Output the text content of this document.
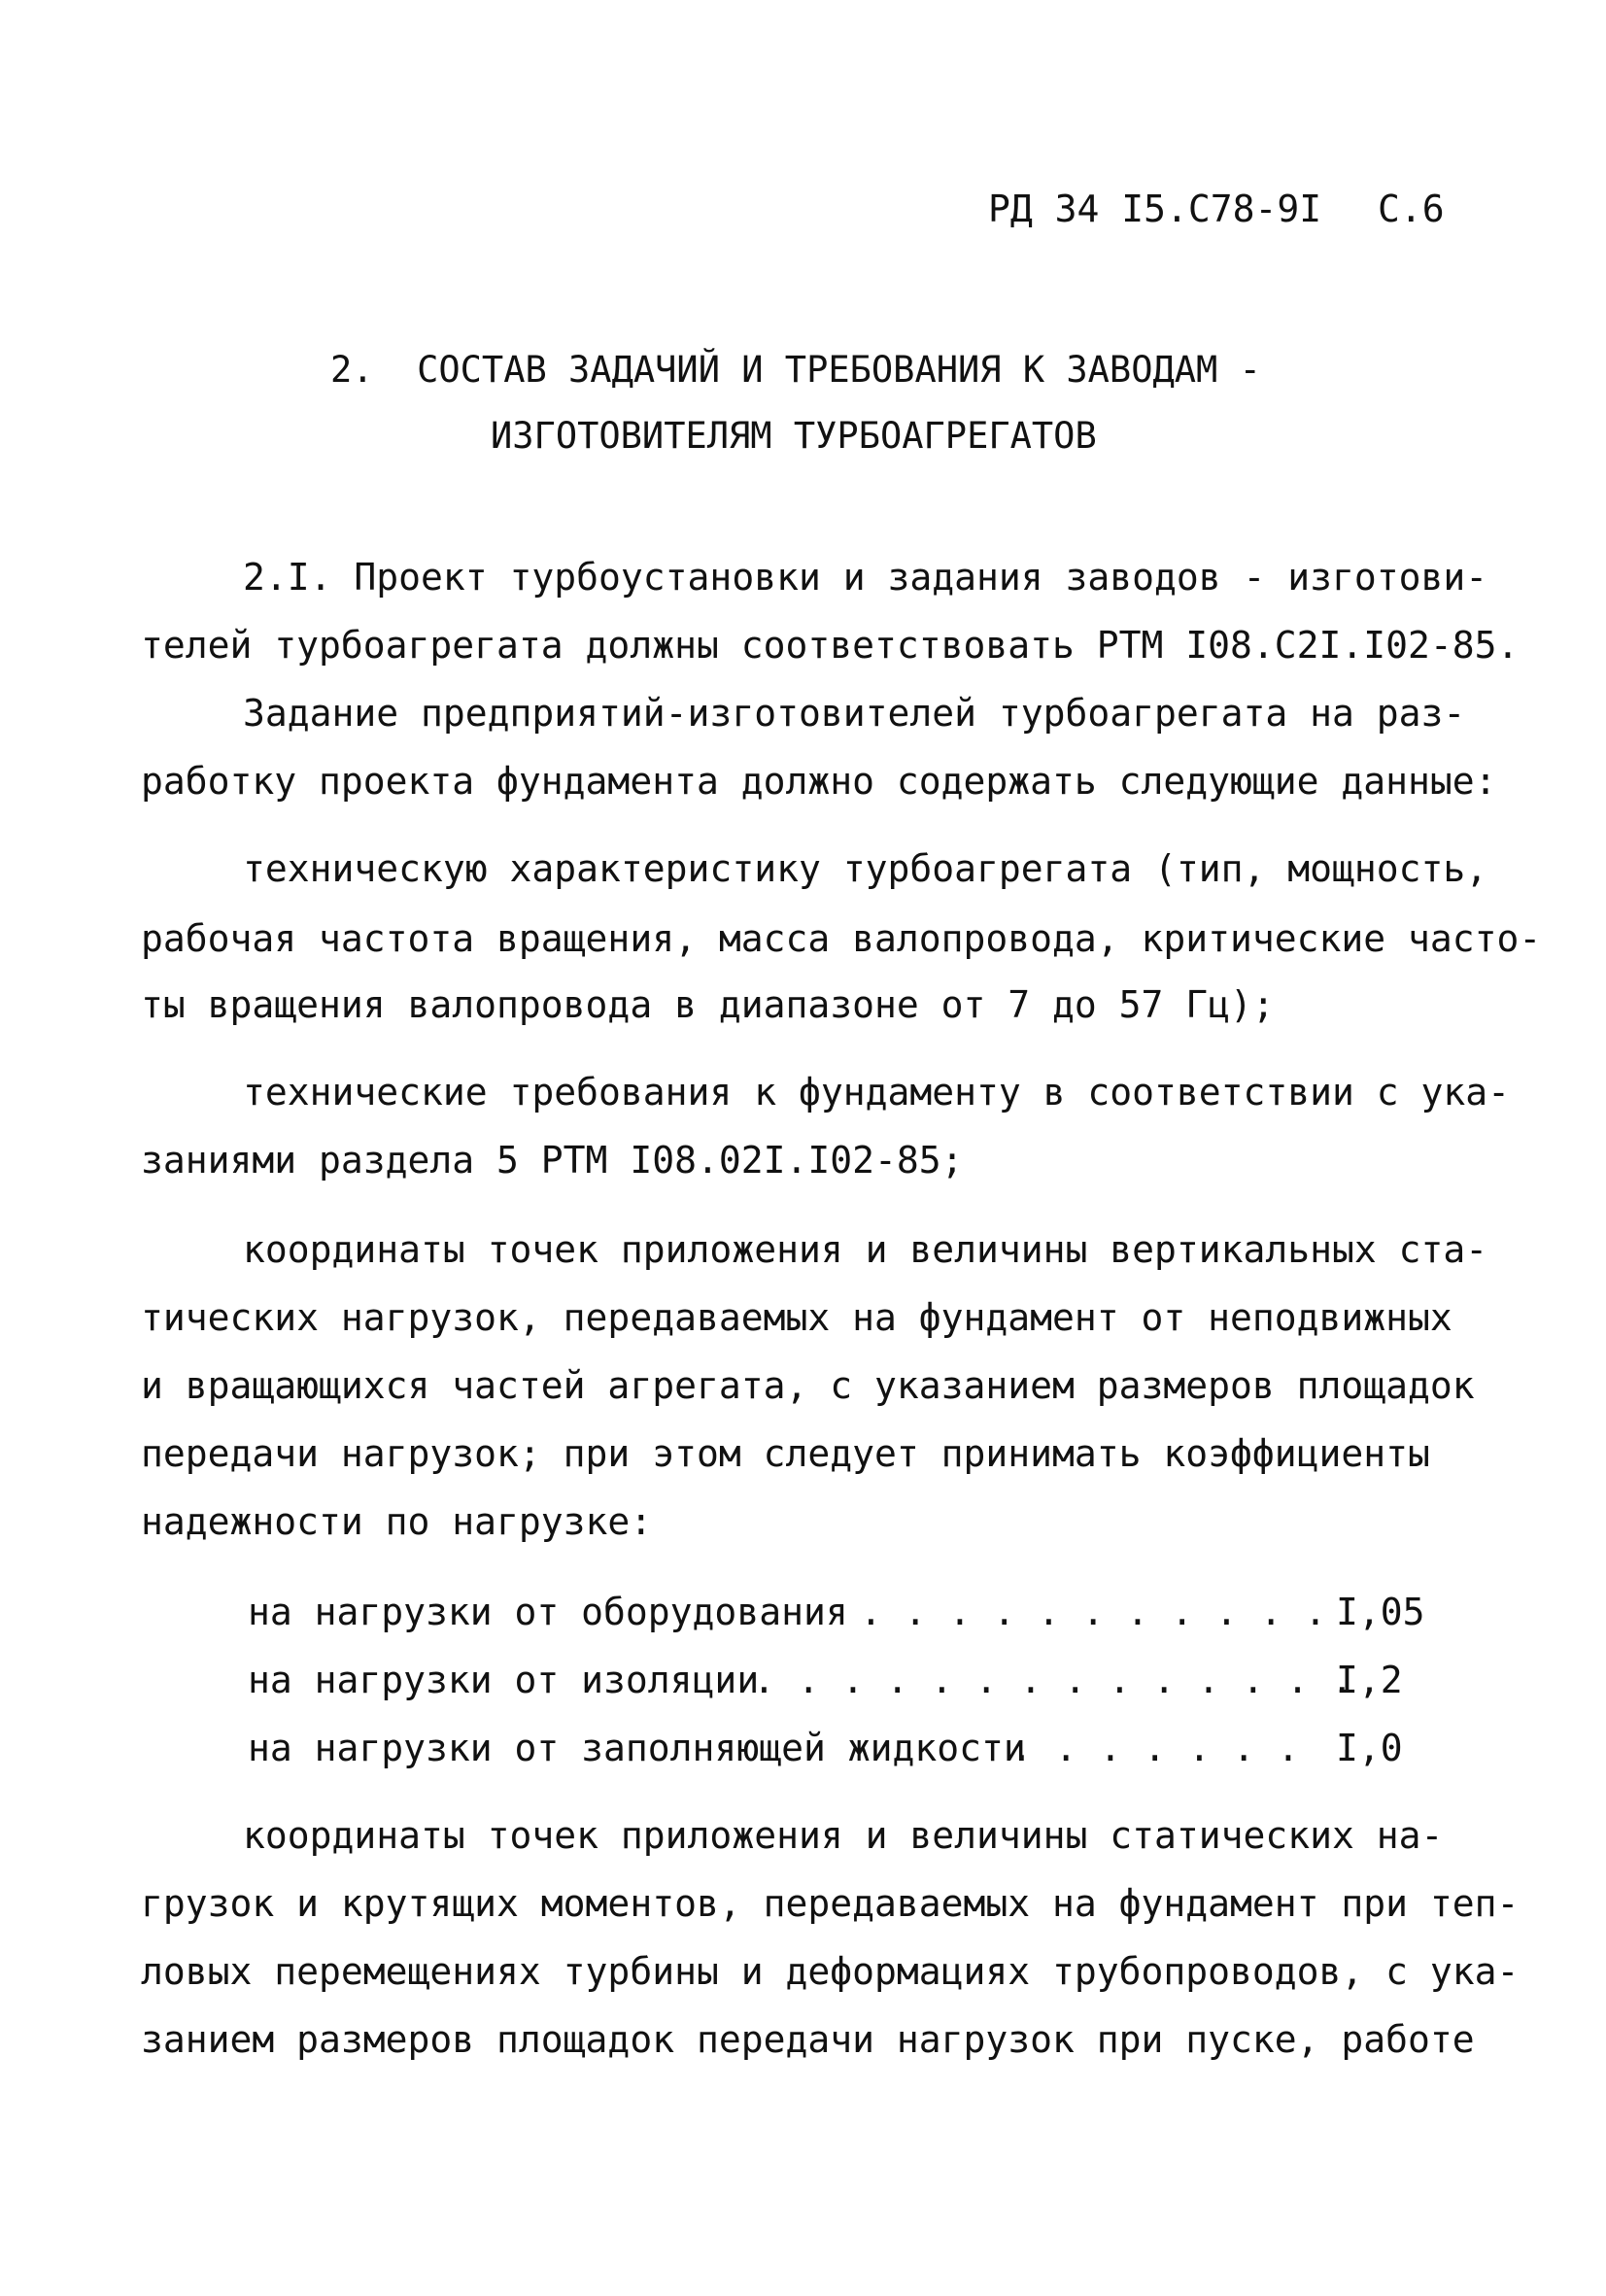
РД 34 I5.C78-9I С.6
2.  СОСТАВ ЗАДАЧИЙ И ТРЕБОВАНИЯ К ЗАВОДАМ -
ИЗГОТОВИТЕЛЯМ ТУРБОАГРЕГАТОВ
2.I. Проект турбоустановки и задания заводов - изготови-
телей турбоагрегата должны соответствовать РТМ I08.C2I.I02-85.
Задание предприятий-изготовителей турбоагрегата на раз-
работку проекта фундамента должно содержать следующие данные:
техническую характеристику турбоагрегата (тип, мощность,
рабочая частота вращения, масса валопровода, критические часто-
ты вращения валопровода в диапазоне от 7 до 57 Гц);
технические требования к фундаменту в соответствии с ука-
заниями раздела 5 РТМ I08.02I.I02-85;
координаты точек приложения и величины вертикальных ста-
тических нагрузок, передаваемых на фундамент от неподвижных
и вращающихся частей агрегата, с указанием размеров площадок
передачи нагрузок; при этом следует принимать коэффициенты
надежности по нагрузке:
на нагрузки от оборудования . . . . . . . . . . . I,05
на нагрузки от изоляции
. . . . . . . . . . . . . .
I,2
на нагрузки от заполняющей жидкости
. . . . . . . I,0
координаты точек приложения и величины статических на-
грузок и крутящих моментов, передаваемых на фундамент при теп-
ловых перемещениях турбины и деформациях трубопроводов, с ука-
занием размеров площадок передачи нагрузок при пуске, работе
